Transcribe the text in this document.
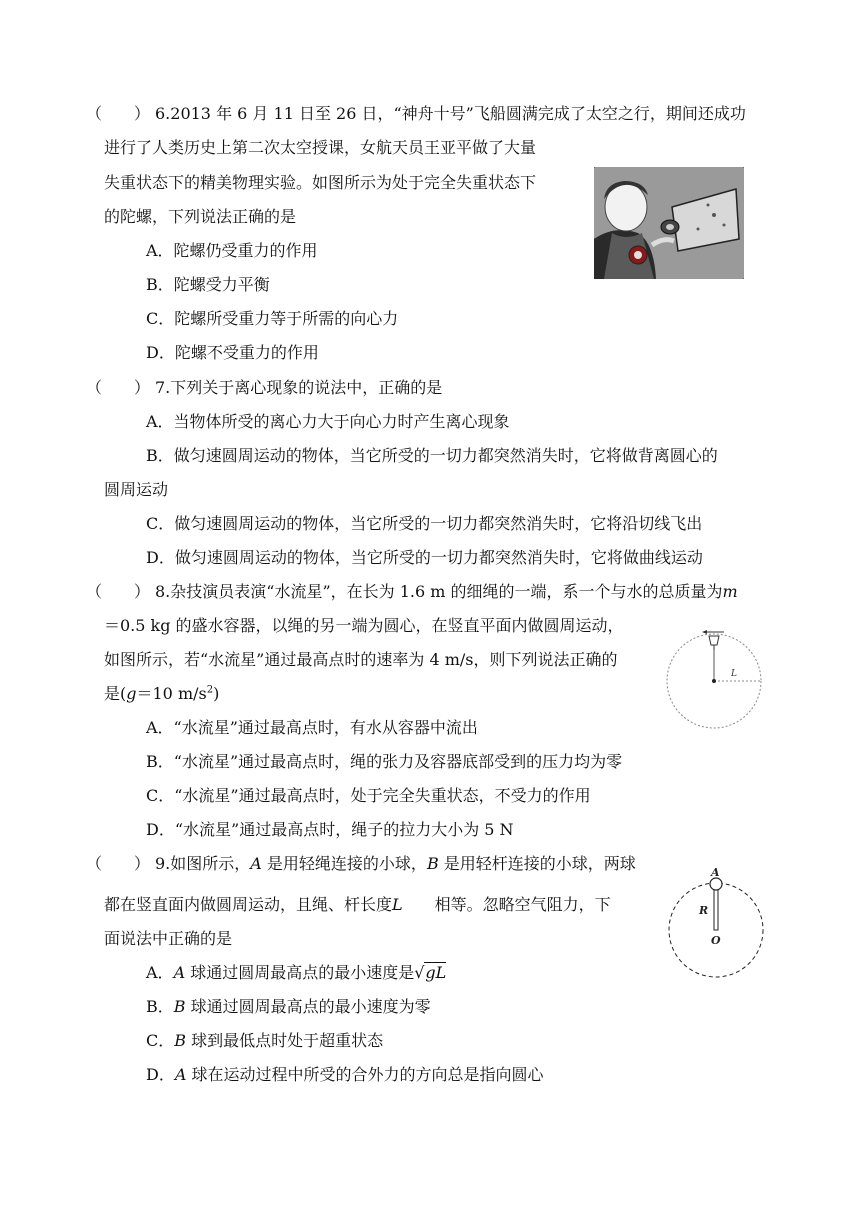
（　　） 6.2013 年 6 月 11 日至 26 日，“神舟十号”飞船圆满完成了太空之行，期间还成功
进行了人类历史上第二次太空授课，女航天员王亚平做了大量
失重状态下的精美物理实验。如图所示为处于完全失重状态下
的陀螺，下列说法正确的是
A．陀螺仍受重力的作用
B．陀螺受力平衡
C．陀螺所受重力等于所需的向心力
D．陀螺不受重力的作用
（　　） 7.下列关于离心现象的说法中，正确的是
A．当物体所受的离心力大于向心力时产生离心现象
B．做匀速圆周运动的物体，当它所受的一切力都突然消失时，它将做背离圆心的
圆周运动
C．做匀速圆周运动的物体，当它所受的一切力都突然消失时，它将沿切线飞出
D．做匀速圆周运动的物体，当它所受的一切力都突然消失时，它将做曲线运动
（　　） 8.杂技演员表演“水流星”，在长为 1.6 m 的细绳的一端，系一个与水的总质量为m
＝0.5 kg 的盛水容器，以绳的另一端为圆心，在竖直平面内做圆周运动，
如图所示，若“水流星”通过最高点时的速率为 4 m/s，则下列说法正确的
是(g＝10 $m/s^2$)
A．“水流星”通过最高点时，有水从容器中流出
B．“水流星”通过最高点时，绳的张力及容器底部受到的压力均为零
C．“水流星”通过最高点时，处于完全失重状态，不受力的作用
D．“水流星”通过最高点时，绳子的拉力大小为 5 N
L
（　　） 9.如图所示，A 是用轻绳连接的小球，B 是用轻杆连接的小球，两球
都在竖直面内做圆周运动，且绳、杆长度L　　相等。忽略空气阻力，下
面说法中正确的是
A．A 球通过圆周最高点的最小速度是√gL
B．B 球通过圆周最高点的最小速度为零
C．B 球到最低点时处于超重状态
D．A 球在运动过程中所受的合外力的方向总是指向圆心
A
R
O
